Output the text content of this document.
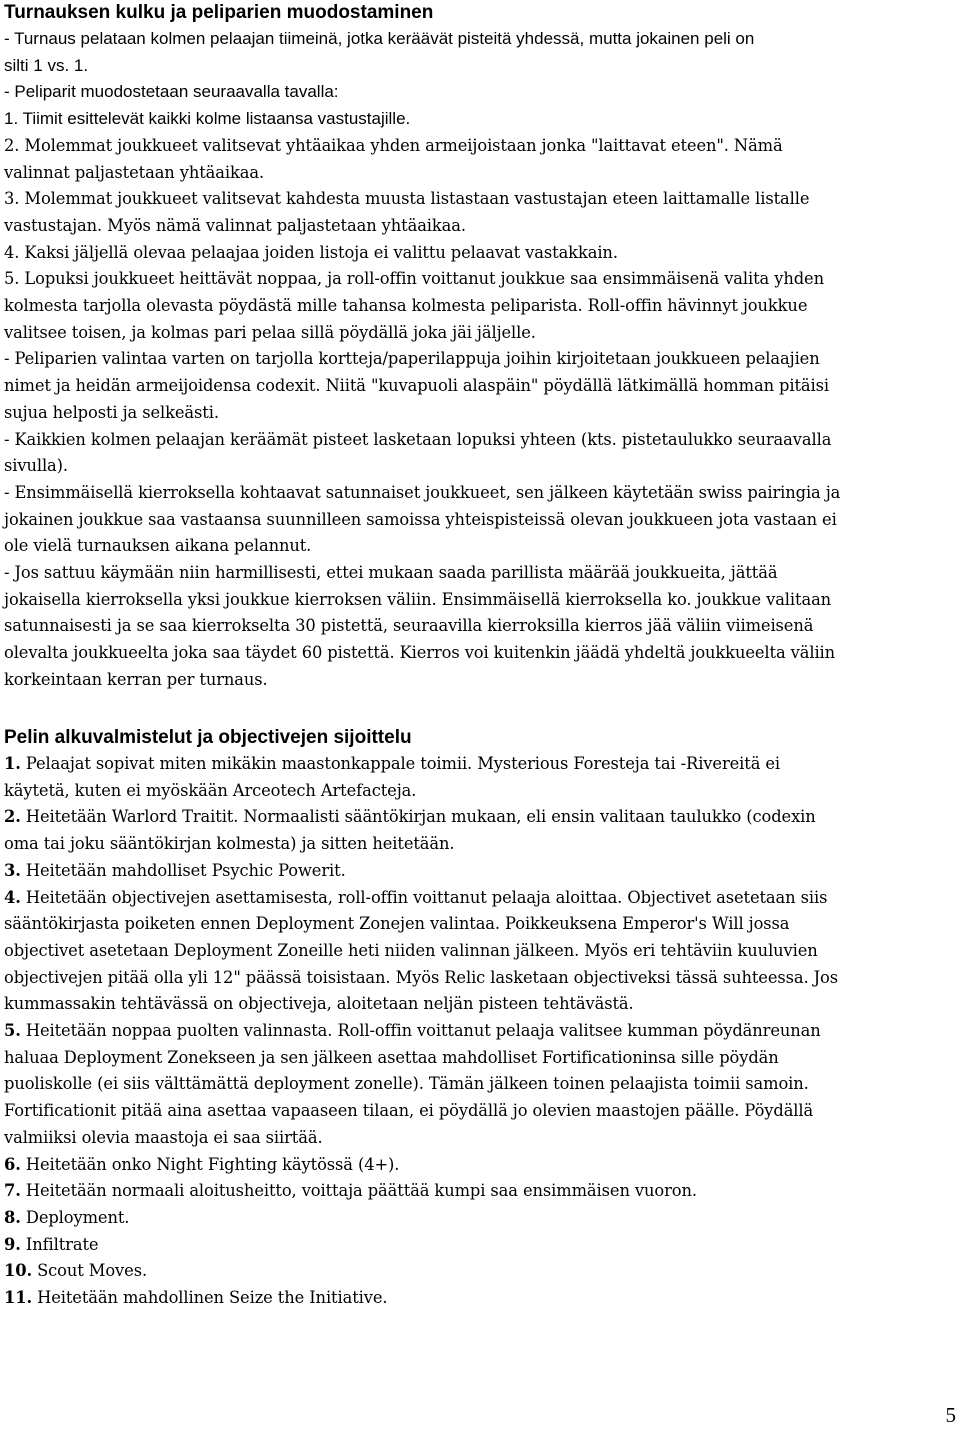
Turnauksen kulku ja peliparien muodostaminen
- Turnaus pelataan kolmen pelaajan tiimeinä, jotka keräävät pisteitä yhdessä, mutta jokainen peli on
silti 1 vs. 1.
- Peliparit muodostetaan seuraavalla tavalla:
1. Tiimit esittelevät kaikki kolme listaansa vastustajille.
2. Molemmat joukkueet valitsevat yhtäaikaa yhden armeijoistaan jonka "laittavat eteen". Nämä
valinnat paljastetaan yhtäaikaa.
3. Molemmat joukkueet valitsevat kahdesta muusta listastaan vastustajan eteen laittamalle listalle
vastustajan. Myös nämä valinnat paljastetaan yhtäaikaa.
4. Kaksi jäljellä olevaa pelaajaa joiden listoja ei valittu pelaavat vastakkain.
5. Lopuksi joukkueet heittävät noppaa, ja roll-offin voittanut joukkue saa ensimmäisenä valita yhden
kolmesta tarjolla olevasta pöydästä mille tahansa kolmesta peliparista. Roll-offin hävinnyt joukkue
valitsee toisen, ja kolmas pari pelaa sillä pöydällä joka jäi jäljelle.
- Peliparien valintaa varten on tarjolla kortteja/paperilappuja joihin kirjoitetaan joukkueen pelaajien
nimet ja heidän armeijoidensa codexit. Niitä "kuvapuoli alaspäin" pöydällä lätkimällä homman pitäisi
sujua helposti ja selkeästi.
- Kaikkien kolmen pelaajan keräämät pisteet lasketaan lopuksi yhteen (kts. pistetaulukko seuraavalla
sivulla).
- Ensimmäisellä kierroksella kohtaavat satunnaiset joukkueet, sen jälkeen käytetään swiss pairingia ja
jokainen joukkue saa vastaansa suunnilleen samoissa yhteispisteissä olevan joukkueen jota vastaan ei
ole vielä turnauksen aikana pelannut.
- Jos sattuu käymään niin harmillisesti, ettei mukaan saada parillista määrää joukkueita, jättää
jokaisella kierroksella yksi joukkue kierroksen väliin. Ensimmäisellä kierroksella ko. joukkue valitaan
satunnaisesti ja se saa kierrokselta 30 pistettä, seuraavilla kierroksilla kierros jää väliin viimeisenä
olevalta joukkueelta joka saa täydet 60 pistettä. Kierros voi kuitenkin jäädä yhdeltä joukkueelta väliin
korkeintaan kerran per turnaus.
Pelin alkuvalmistelut ja objectivejen sijoittelu
1. Pelaajat sopivat miten mikäkin maastonkappale toimii. Mysterious Foresteja tai -Rivereitä ei
käytetä, kuten ei myöskään Arceotech Artefacteja.
2. Heitetään Warlord Traitit. Normaalisti sääntökirjan mukaan, eli ensin valitaan taulukko (codexin
oma tai joku sääntökirjan kolmesta) ja sitten heitetään.
3. Heitetään mahdolliset Psychic Powerit.
4. Heitetään objectivejen asettamisesta, roll-offin voittanut pelaaja aloittaa. Objectivet asetetaan siis
sääntökirjasta poiketen ennen Deployment Zonejen valintaa. Poikkeuksena Emperor's Will jossa
objectivet asetetaan Deployment Zoneille heti niiden valinnan jälkeen. Myös eri tehtäviin kuuluvien
objectivejen pitää olla yli 12" päässä toisistaan. Myös Relic lasketaan objectiveksi tässä suhteessa. Jos
kummassakin tehtävässä on objectiveja, aloitetaan neljän pisteen tehtävästä.
5. Heitetään noppaa puolten valinnasta. Roll-offin voittanut pelaaja valitsee kumman pöydänreunan
haluaa Deployment Zonekseen ja sen jälkeen asettaa mahdolliset Fortificationinsa sille pöydän
puoliskolle (ei siis välttämättä deployment zonelle). Tämän jälkeen toinen pelaajista toimii samoin.
Fortificationit pitää aina asettaa vapaaseen tilaan, ei pöydällä jo olevien maastojen päälle. Pöydällä
valmiiksi olevia maastoja ei saa siirtää.
6. Heitetään onko Night Fighting käytössä (4+).
7. Heitetään normaali aloitusheitto, voittaja päättää kumpi saa ensimmäisen vuoron.
8. Deployment.
9. Infiltrate
10. Scout Moves.
11. Heitetään mahdollinen Seize the Initiative.
5
